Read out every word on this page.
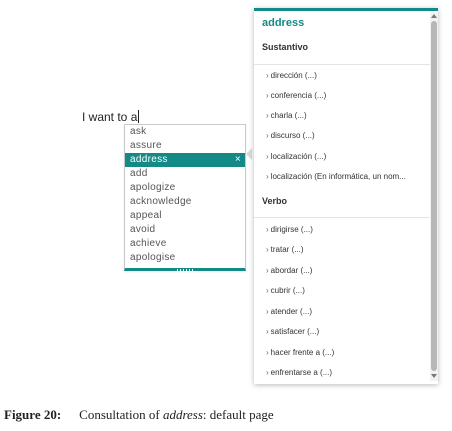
I want to a
ask
assure
address	×
add
apologize
acknowledge
appeal
avoid
achieve
apologise
address
Sustantivo
› dirección (...)
› conferencia (...)
› charla (...)
› discurso (...)
› localización (...)
› localización (En informática, un nom...
Verbo
› dirigirse (...)
› tratar (...)
› abordar (...)
› cubrir (...)
› atender (...)
› satisfacer (...)
› hacer frente a (...)
› enfrentarse a (...)
Figure 20: Consultation of address: default page
